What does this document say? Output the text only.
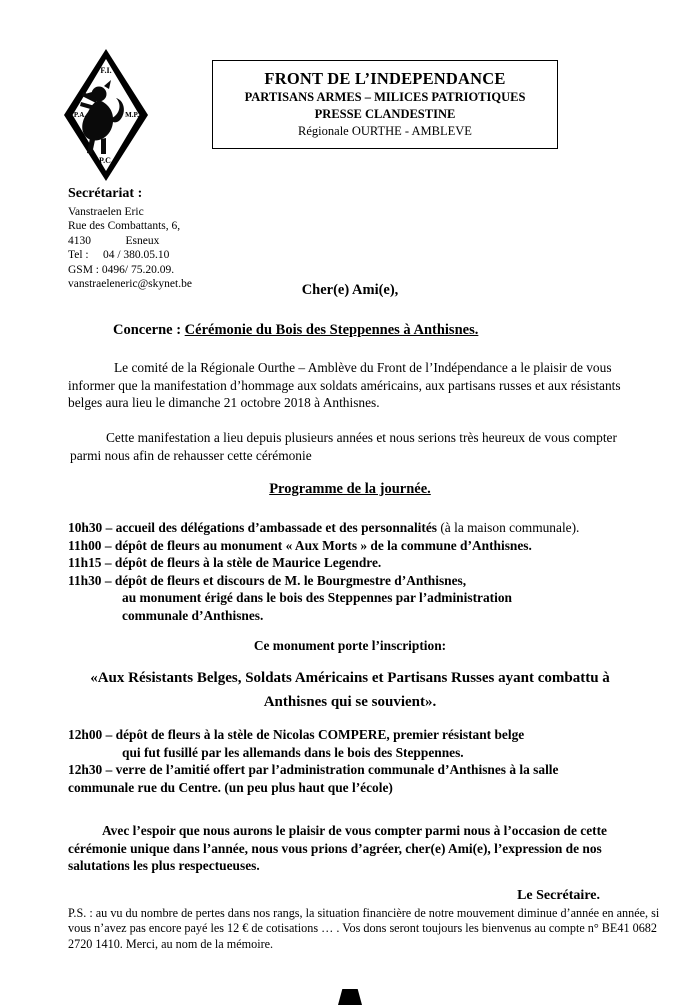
F.I.
P.A.	M.P.
P.C.
FRONT DE L’INDEPENDANCE
PARTISANS ARMES – MILICES PATRIOTIQUES
PRESSE CLANDESTINE
Régionale OURTHE - AMBLEVE
Secrétariat :
Vanstraelen Eric
Rue des Combattants, 6,
4130            Esneux
Tel :     04 / 380.05.10
GSM : 0496/ 75.20.09.
vanstraeleneric@skynet.be	Cher(e) Ami(e),
Concerne : Cérémonie du Bois des Steppennes à Anthisnes.
Le comité de la Régionale Ourthe – Amblève du Front de l’Indépendance a le plaisir de vous informer que la manifestation d’hommage aux soldats américains, aux partisans russes et aux résistants belges aura lieu le dimanche 21 octobre 2018 à Anthisnes.
Cette manifestation a lieu depuis plusieurs années et nous serions très heureux de vous compter parmi nous afin de rehausser cette cérémonie
Programme de la journée.
10h30 – accueil des délégations d’ambassade et des personnalités (à la maison communale).
11h00 – dépôt de fleurs au monument « Aux Morts » de la commune d’Anthisnes.
11h15 – dépôt de fleurs à la stèle de Maurice Legendre.
11h30 – dépôt de fleurs et discours de M. le Bourgmestre d’Anthisnes,
au monument érigé dans le bois des Steppennes par l’administration
communale d’Anthisnes.
Ce monument porte l’inscription:
«Aux Résistants Belges, Soldats Américains et Partisans Russes ayant combattu à Anthisnes qui se souvient».
12h00 – dépôt de fleurs à la stèle de Nicolas COMPERE, premier résistant belge
qui fut fusillé par les allemands dans le bois des Steppennes.
12h30 – verre de l’amitié offert par l’administration communale d’Anthisnes à la salle
communale rue du Centre. (un peu plus haut que l’école)
Avec l’espoir que nous aurons le plaisir de vous compter parmi nous à l’occasion de cette cérémonie unique dans l’année, nous vous prions d’agréer, cher(e) Ami(e), l’expression de nos salutations les plus respectueuses.
Le Secrétaire.
P.S. : au vu du nombre de pertes dans nos rangs, la situation financière de notre mouvement diminue d’année en année, si vous n’avez pas encore payé les 12 € de cotisations … . Vos dons seront toujours les bienvenus au compte n° BE41 0682 2720 1410. Merci, au nom de la mémoire.
